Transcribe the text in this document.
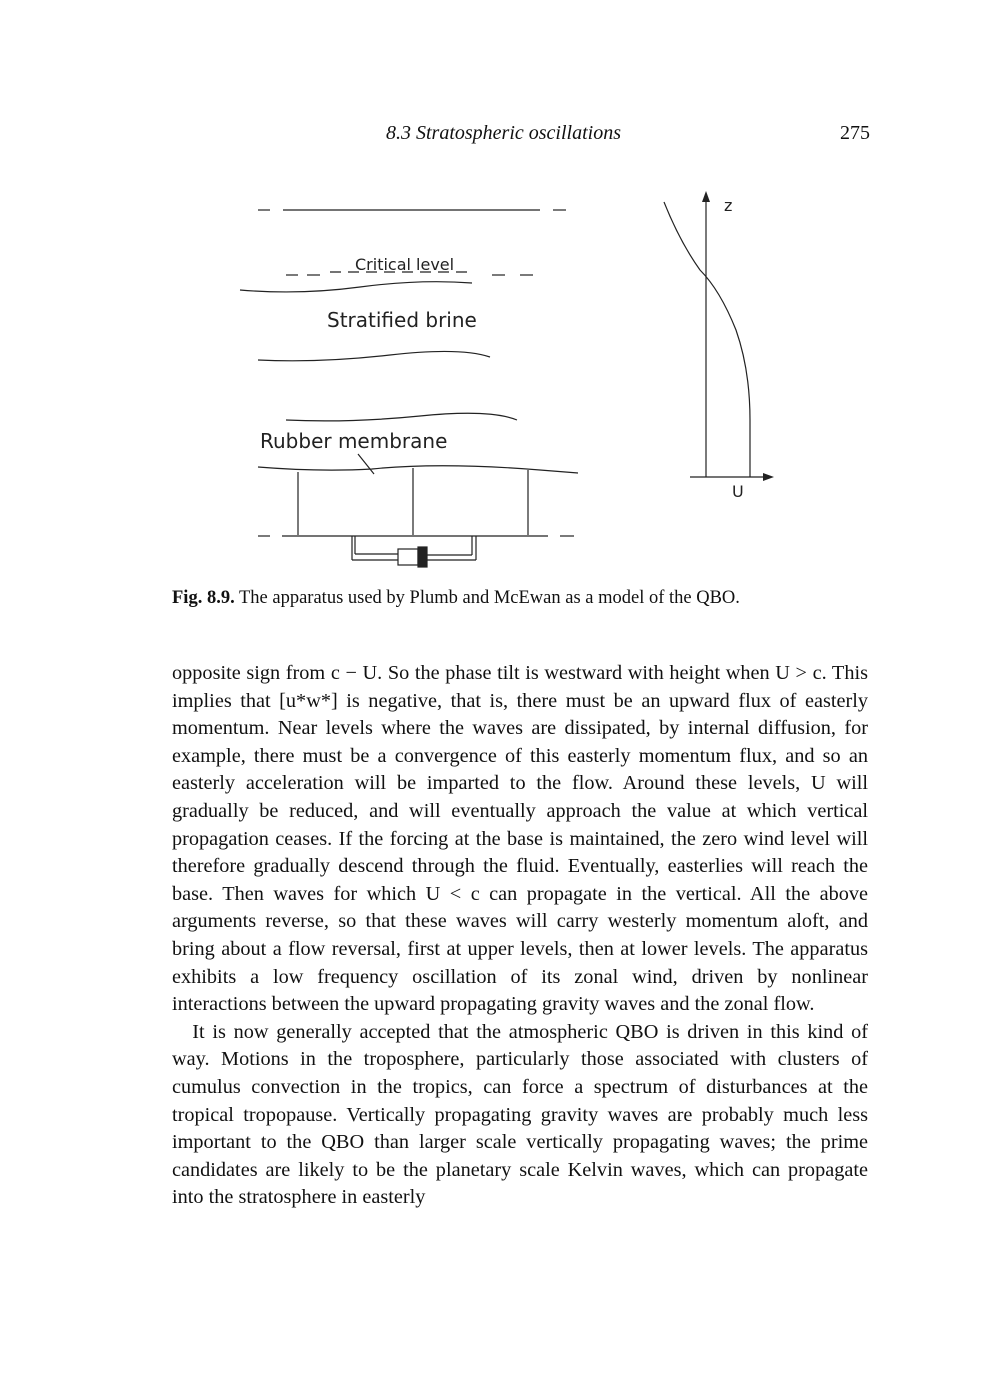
8.3 Stratospheric oscillations	275
Critical level
Stratified brine
Rubber membrane
z
U
Fig. 8.9. The apparatus used by Plumb and McEwan as a model of the QBO.

opposite sign from c − U. So the phase tilt is westward with height when U > c. This implies that [u*w*] is negative, that is, there must be an upward flux of easterly momentum. Near levels where the waves are dissipated, by internal diffusion, for example, there must be a convergence of this easterly momentum flux, and so an easterly acceleration will be imparted to the flow. Around these levels, U will gradually be reduced, and will eventually approach the value at which vertical propagation ceases. If the forcing at the base is maintained, the zero wind level will therefore gradually descend through the fluid. Eventually, easterlies will reach the base. Then waves for which U < c can propagate in the vertical. All the above arguments reverse, so that these waves will carry westerly momentum aloft, and bring about a flow reversal, first at upper levels, then at lower levels. The apparatus exhibits a low frequency oscillation of its zonal wind, driven by nonlinear interactions between the upward propagating gravity waves and the zonal flow.

It is now generally accepted that the atmospheric QBO is driven in this kind of way. Motions in the troposphere, particularly those associated with clusters of cumulus convection in the tropics, can force a spectrum of disturbances at the tropical tropopause. Vertically propagating gravity waves are probably much less important to the QBO than larger scale vertically propagating waves; the prime candidates are likely to be the planetary scale Kelvin waves, which can propagate into the stratosphere in easterly
